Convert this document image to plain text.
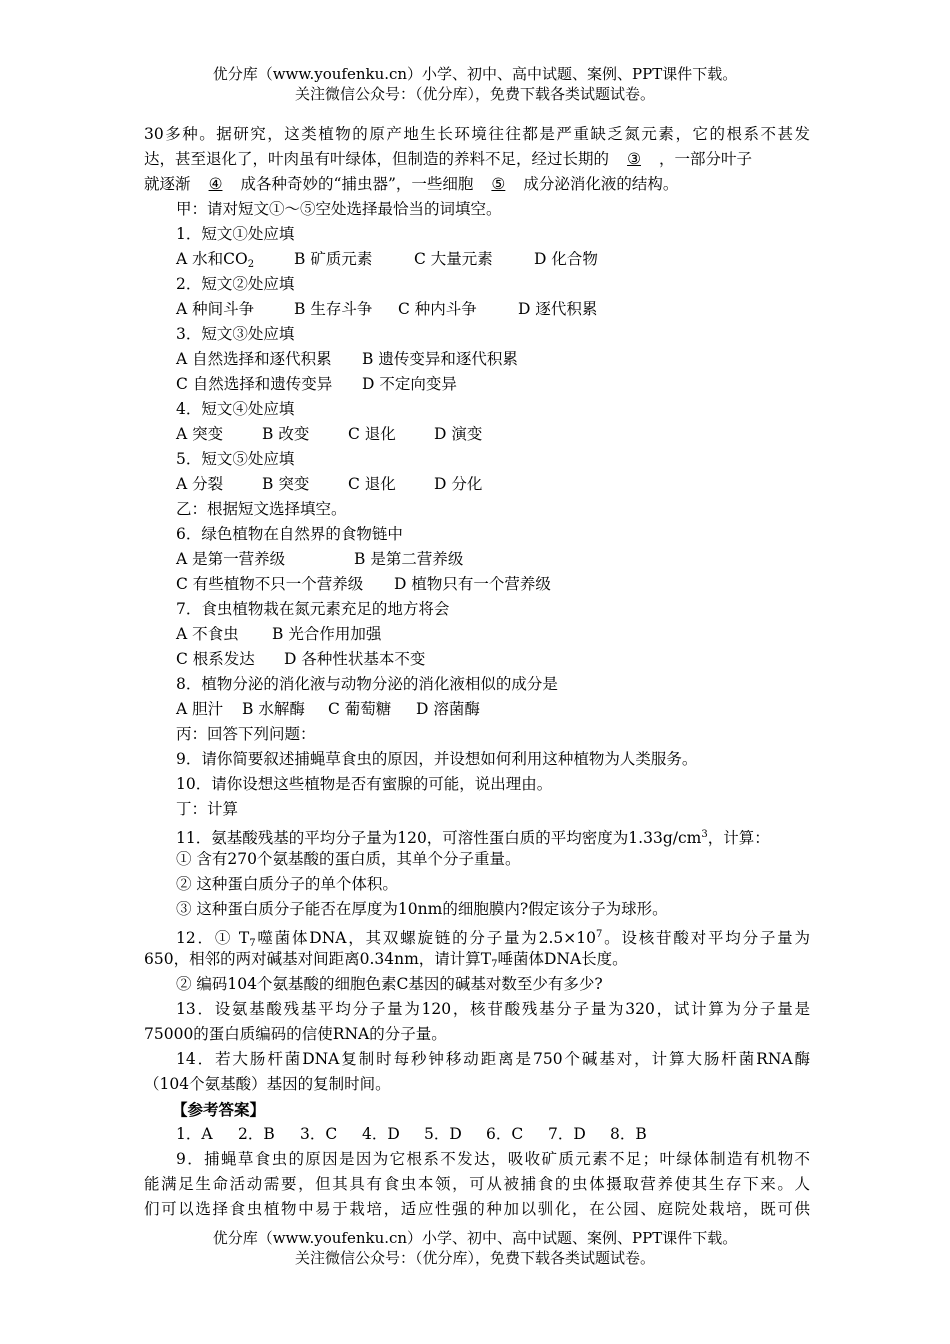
优分库（www.youfenku.cn）小学、初中、高中试题、案例、PPT课件下载。
关注微信公众号：（优分库），免费下载各类试题试卷。
30多种。据研究，这类植物的原产地生长环境往往都是严重缺乏氮元素，它的根系不甚发
达，甚至退化了，叶肉虽有叶绿体，但制造的养料不足，经过长期的 ③ ，一部分叶子
就逐渐 ④ 成各种奇妙的“捕虫器”，一些细胞 ⑤ 成分泌消化液的结构。
甲：请对短文①～⑤空处选择最恰当的词填空。
1．短文①处应填
A 水和CO2	B 矿质元素	C 大量元素	D 化合物
2．短文②处应填
A 种间斗争	B 生存斗争 C 种内斗争	D 逐代积累
3．短文③处应填
A 自然选择和逐代积累 B 遗传变异和逐代积累
C 自然选择和遗传变异 D 不定向变异
4．短文④处应填
A 突变	B 改变 C 退化 D 演变
5．短文⑤处应填
A 分裂	B 突变 C 退化 D 分化
乙：根据短文选择填空。
6．绿色植物在自然界的食物链中
A 是第一营养级	B 是第二营养级
C 有些植物不只一个营养级 D 植物只有一个营养级
7．食虫植物栽在氮元素充足的地方将会
A 不食虫 B 光合作用加强
C 根系发达 D 各种性状基本不变
8．植物分泌的消化液与动物分泌的消化液相似的成分是
A 胆汁 B 水解酶 C 葡萄糖 D 溶菌酶
丙：回答下列问题：
9．请你简要叙述捕蝇草食虫的原因，并设想如何利用这种植物为人类服务。
10．请你设想这些植物是否有蜜腺的可能，说出理由。
丁：计算
11．氨基酸残基的平均分子量为120，可溶性蛋白质的平均密度为$1.33g/cm^3$，计算：
① 含有270个氨基酸的蛋白质，其单个分子重量。
② 这种蛋白质分子的单个体积。
③ 这种蛋白质分子能否在厚度为10nm的细胞膜内?假定该分子为球形。
12．① $T_7$噬菌体DNA，其双螺旋链的分子量为$2.5\times 10^7$。设核苷酸对平均分子量为
650，相邻的两对碱基对间距离0.34nm，请计算$T_7$唾菌体DNA长度。
② 编码104个氨基酸的细胞色素C基因的碱基对数至少有多少?
13．设氨基酸残基平均分子量为120，核苷酸残基分子量为320，试计算为分子量是
75000的蛋白质编码的信使RNA的分子量。
14．若大肠杆菌DNA复制时每秒钟移动距离是750个碱基对，计算大肠杆菌RNA酶
（104个氨基酸）基因的复制时间。
【参考答案】
1．A 2．B 3．C 4．D 5．D 6．C 7．D 8．B
9．捕蝇草食虫的原因是因为它根系不发达，吸收矿质元素不足；叶绿体制造有机物不
能满足生命活动需要，但其具有食虫本领，可从被捕食的虫体摄取营养使其生存下来。人
们可以选择食虫植物中易于栽培，适应性强的种加以驯化，在公园、庭院处栽培，既可供
优分库（www.youfenku.cn）小学、初中、高中试题、案例、PPT课件下载。
关注微信公众号：（优分库），免费下载各类试题试卷。
